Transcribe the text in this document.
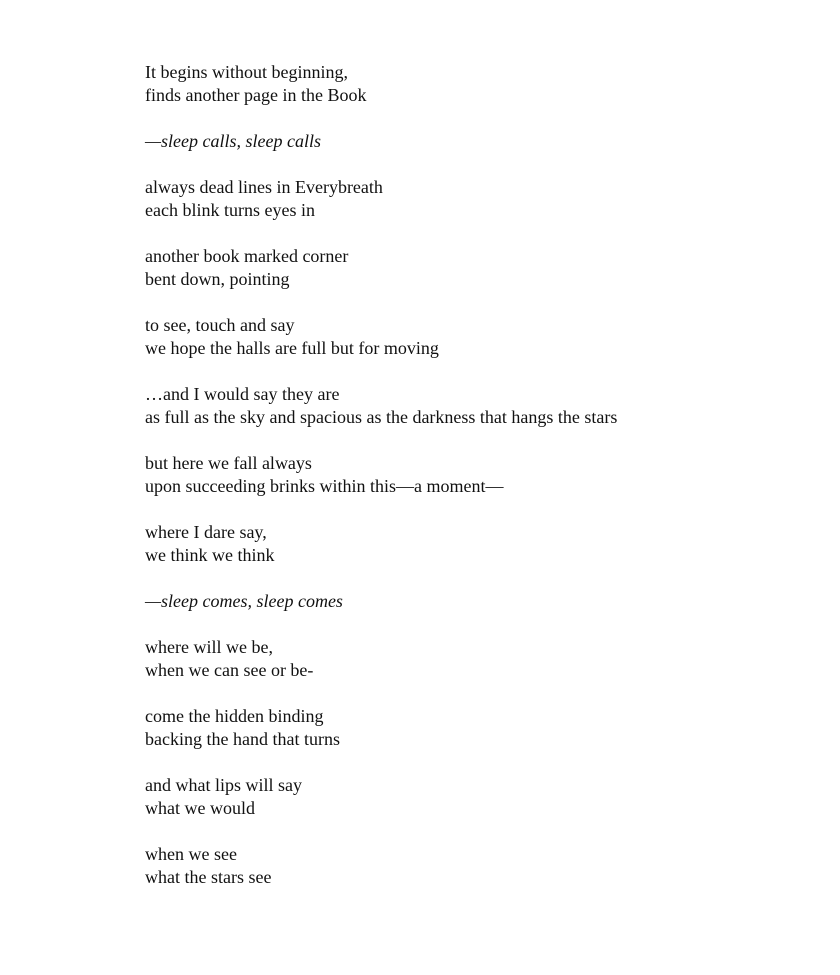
It begins without beginning,
finds another page in the Book
—sleep calls, sleep calls
always dead lines in Everybreath
each blink turns eyes in
another book marked corner
bent down, pointing
to see, touch and say
we hope the halls are full but for moving
…and I would say they are
as full as the sky and spacious as the darkness that hangs the stars
but here we fall always
upon succeeding brinks within this—a moment—
where I dare say,
we think we think
—sleep comes, sleep comes
where will we be,
when we can see or be-
come the hidden binding
backing the hand that turns
and what lips will say
what we would
when we see
what the stars see
